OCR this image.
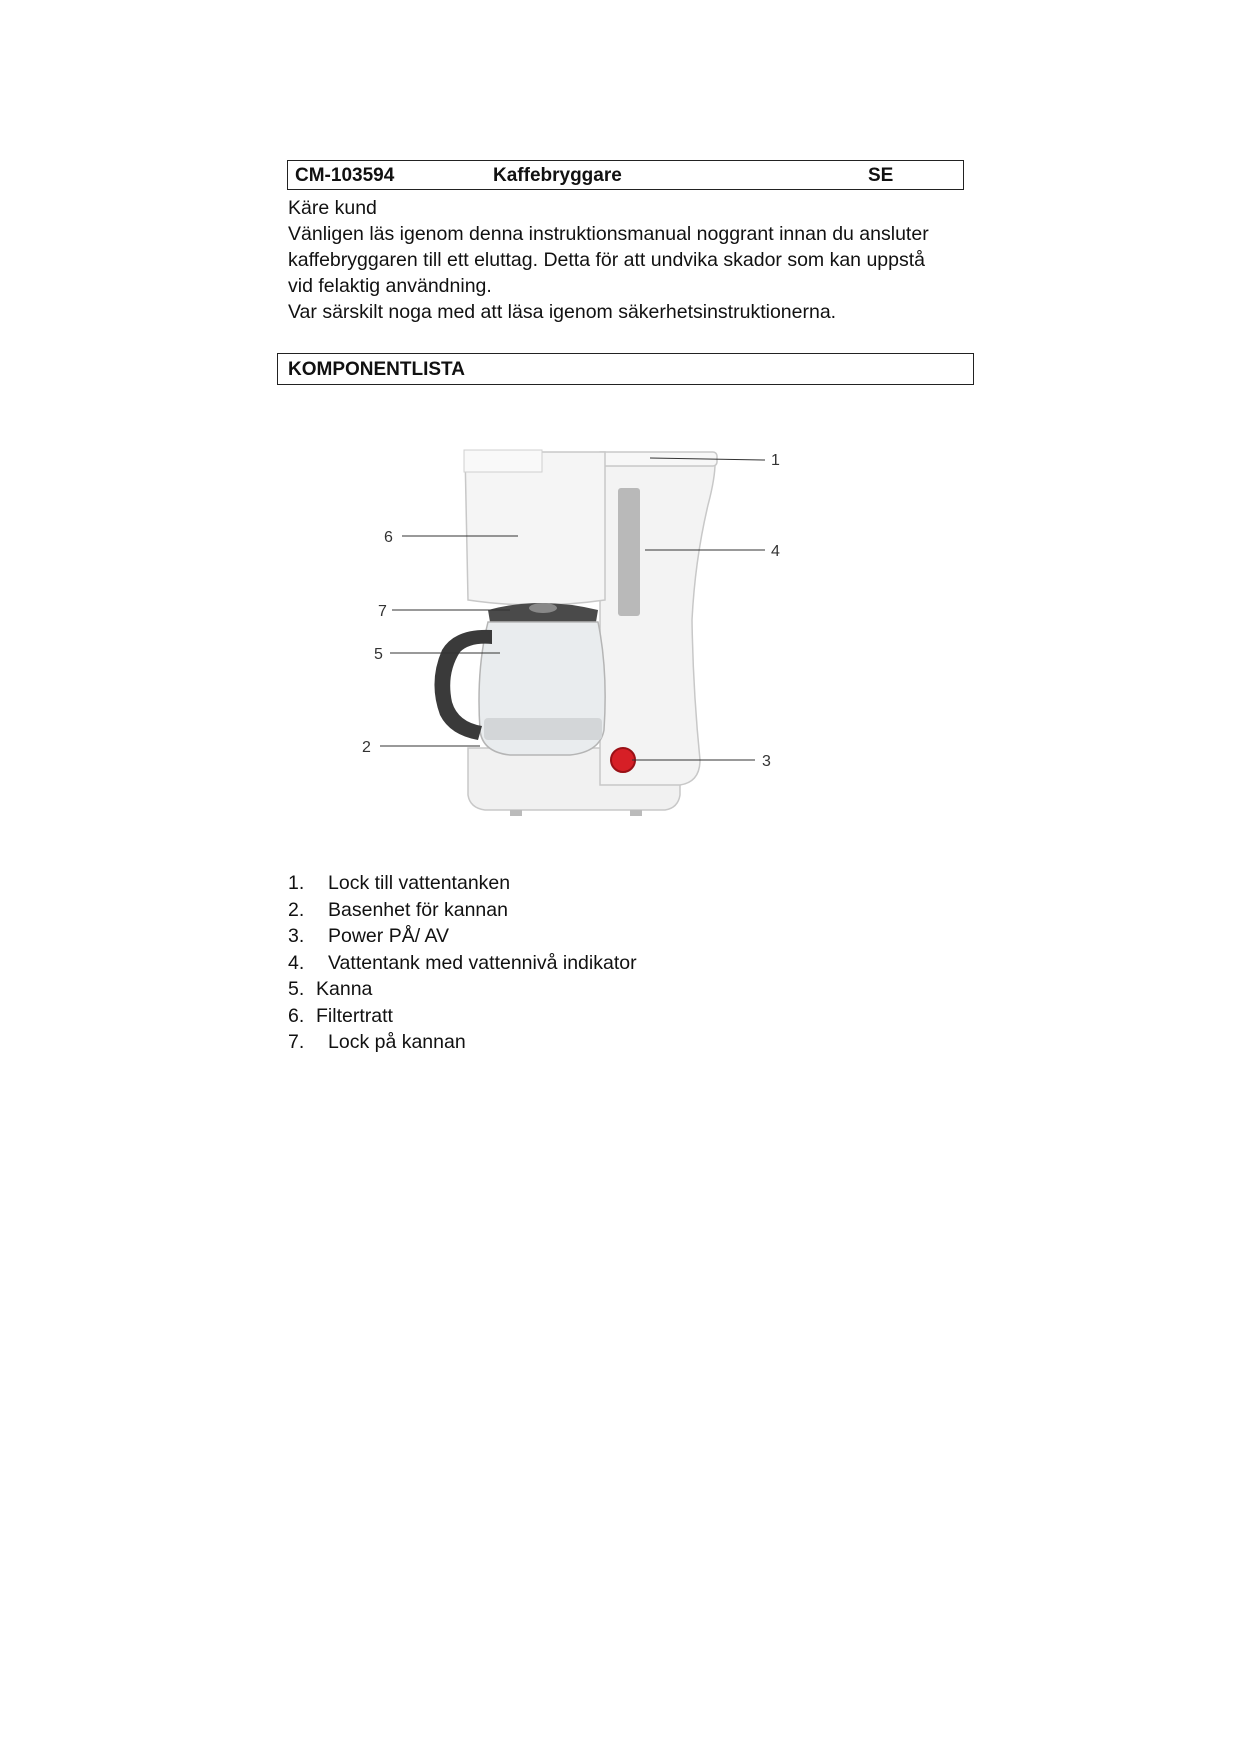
CM-103594	Kaffebryggare	SE

Käre kund

Vänligen läs igenom denna instruktionsmanual noggrant innan du ansluter

kaffebryggaren till ett eluttag. Detta för att undvika skador som kan uppstå

vid felaktig användning.

Var särskilt noga med att läsa igenom säkerhetsinstruktionerna.

KOMPONENTLISTA
1
4
6
7
5
2
3
1. Lock till vattentanken
2. Basenhet för kannan
3. Power PÅ/ AV
4. Vattentank med vattennivå indikator
5. Kanna
6. Filtertratt
7. Lock på kannan
